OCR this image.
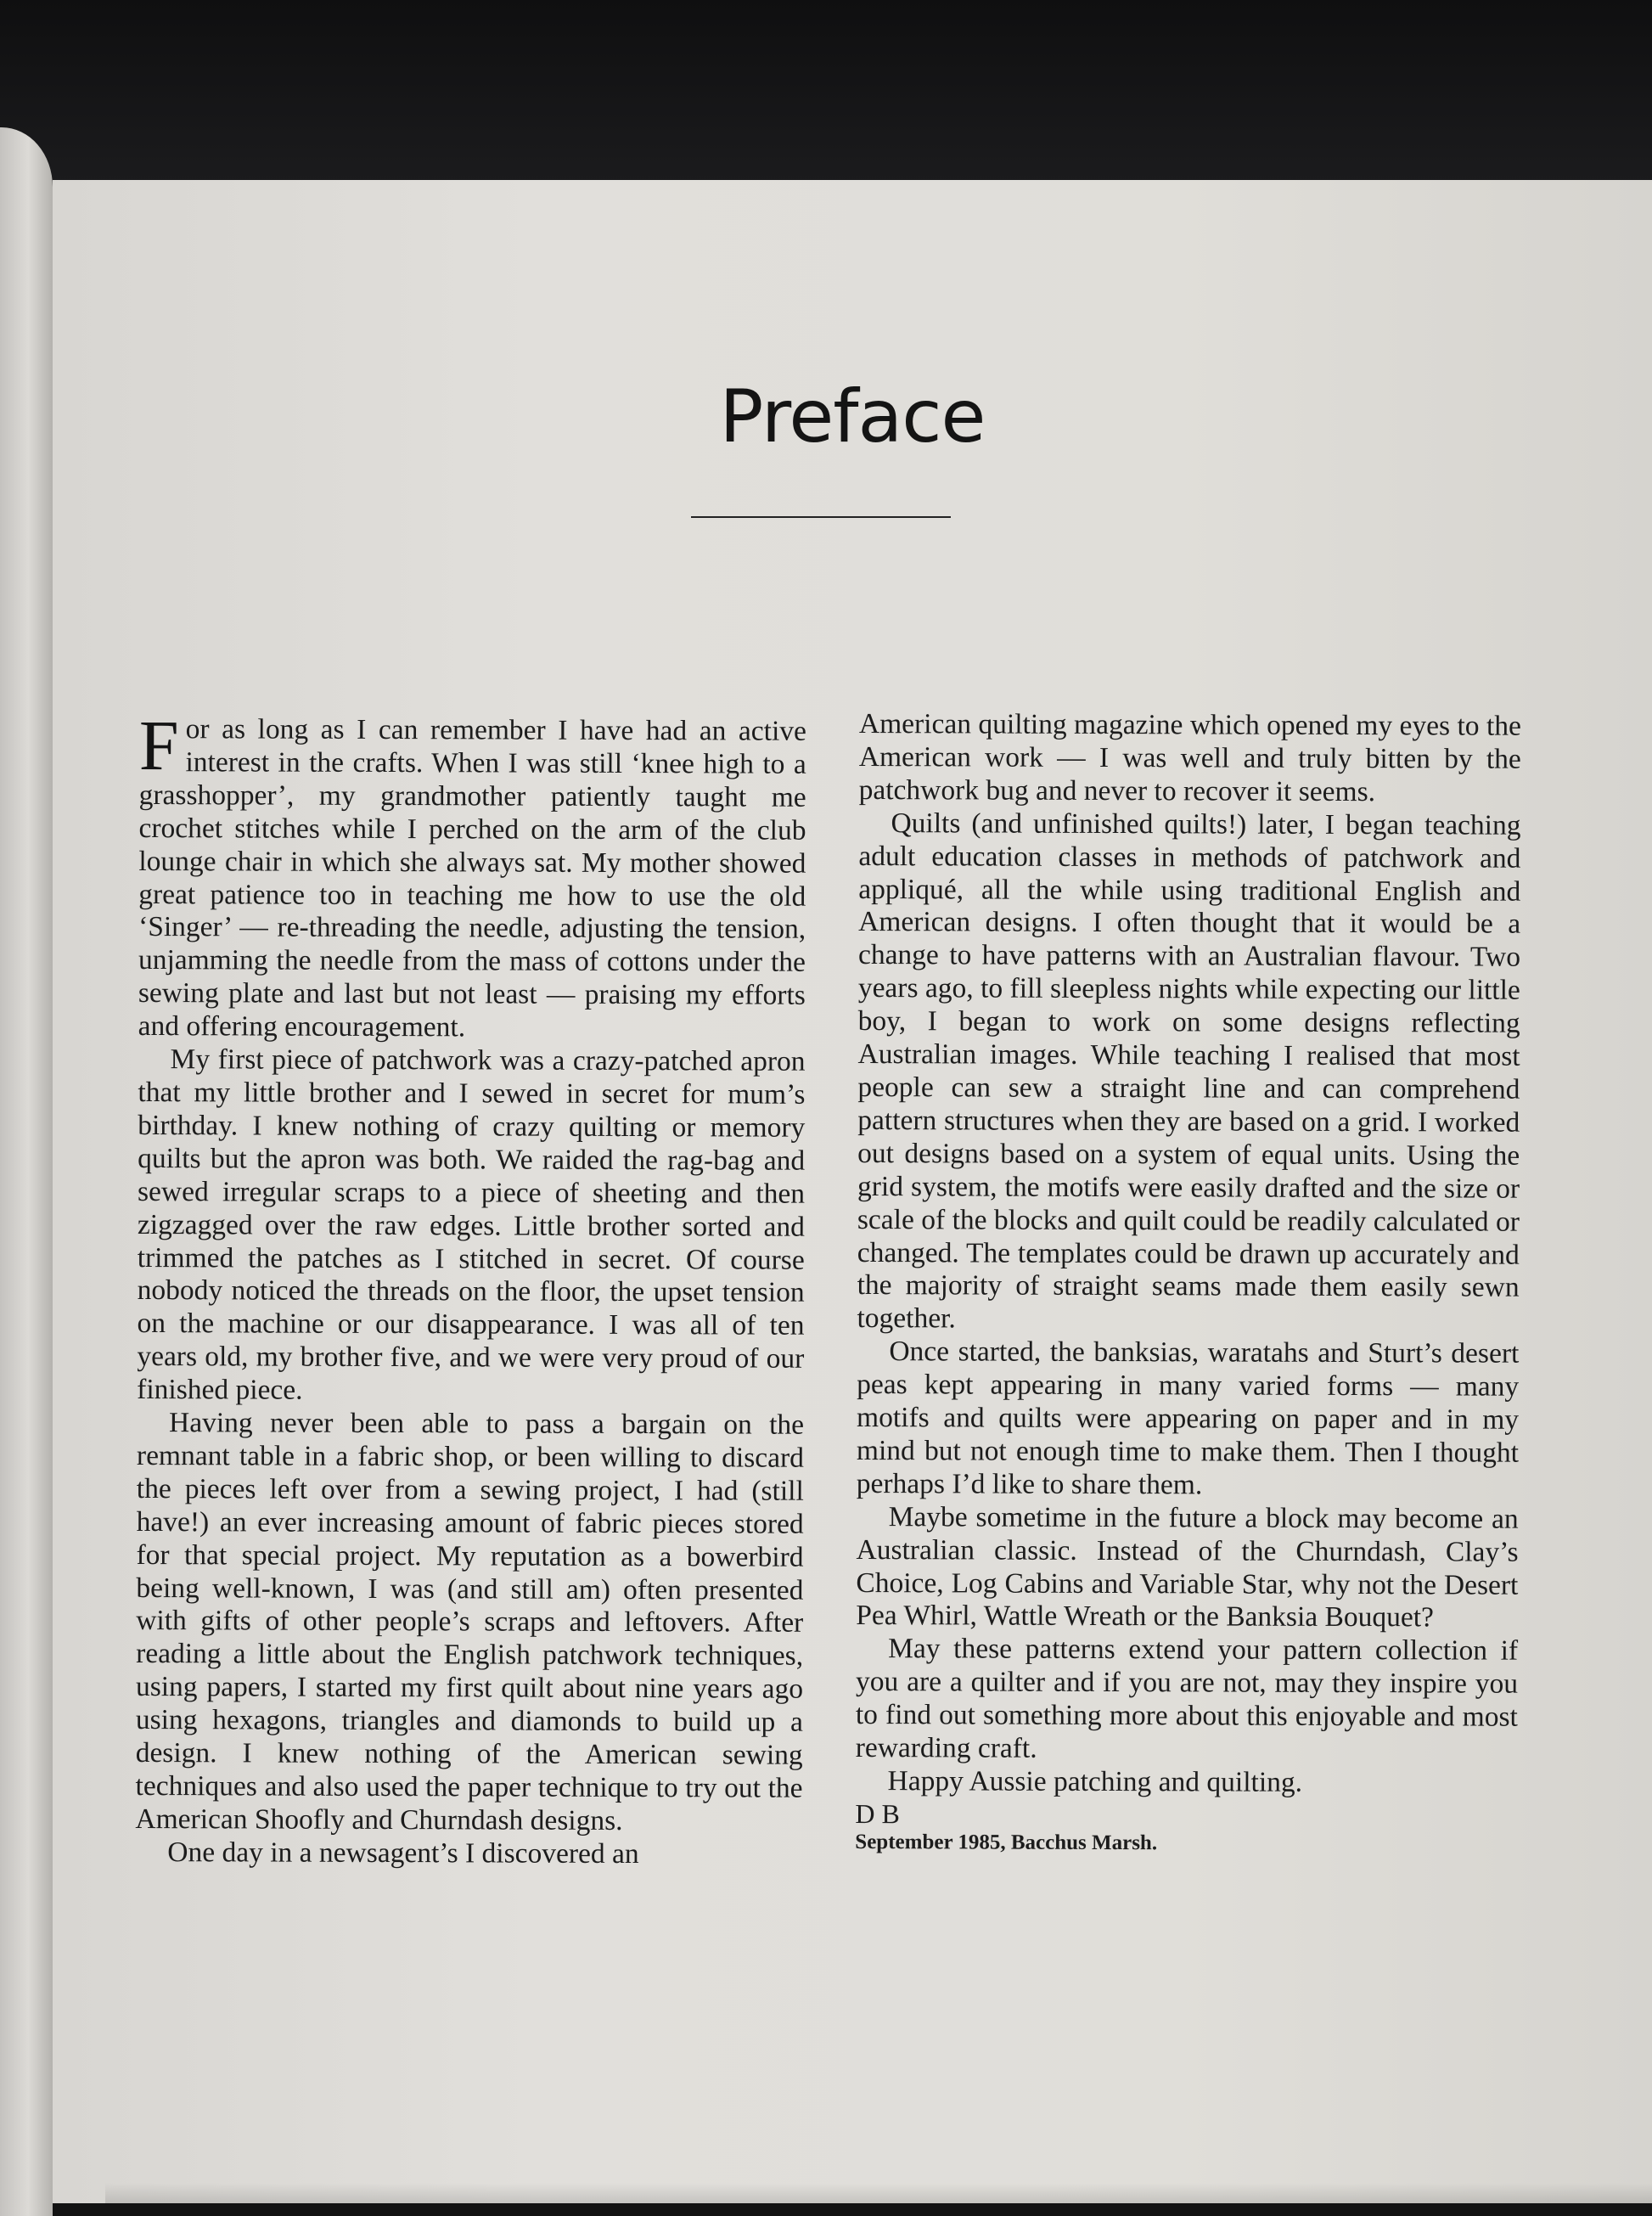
Preface

For as long as I can remember I have had an active interest in the crafts. When I was still ‘knee high to a grasshopper’, my grandmother patiently taught me crochet stitches while I perched on the arm of the club lounge chair in which she always sat. My mother showed great patience too in teaching me how to use the old ‘Singer’ — re-threading the needle, adjusting the tension, unjamming the needle from the mass of cottons under the sewing plate and last but not least — praising my efforts and offering encouragement.

My first piece of patchwork was a crazy-patched apron that my little brother and I sewed in secret for mum’s birthday. I knew nothing of crazy quilting or memory quilts but the apron was both. We raided the rag-bag and sewed irregular scraps to a piece of sheeting and then zigzagged over the raw edges. Little brother sorted and trimmed the patches as I stitched in secret. Of course nobody noticed the threads on the floor, the upset tension on the machine or our disappearance. I was all of ten years old, my brother five, and we were very proud of our finished piece.

Having never been able to pass a bargain on the remnant table in a fabric shop, or been willing to discard the pieces left over from a sewing project, I had (still have!) an ever increasing amount of fabric pieces stored for that special project. My reputation as a bowerbird being well-known, I was (and still am) often presented with gifts of other people’s scraps and leftovers. After reading a little about the English patchwork techniques, using papers, I started my first quilt about nine years ago using hexagons, triangles and diamonds to build up a design. I knew nothing of the American sewing techniques and also used the paper technique to try out the American Shoofly and Churndash designs.

One day in a newsagent’s I discovered an

American quilting magazine which opened my eyes to the American work — I was well and truly bitten by the patchwork bug and never to recover it seems.

Quilts (and unfinished quilts!) later, I began teaching adult education classes in methods of patchwork and appliqué, all the while using traditional English and American designs. I often thought that it would be a change to have patterns with an Australian flavour. Two years ago, to fill sleepless nights while expecting our little boy, I began to work on some designs reflecting Australian images. While teaching I realised that most people can sew a straight line and can comprehend pattern structures when they are based on a grid. I worked out designs based on a system of equal units. Using the grid system, the motifs were easily drafted and the size or scale of the blocks and quilt could be readily calculated or changed. The templates could be drawn up accurately and the majority of straight seams made them easily sewn together.

Once started, the banksias, waratahs and Sturt’s desert peas kept appearing in many varied forms — many motifs and quilts were appearing on paper and in my mind but not enough time to make them. Then I thought perhaps I’d like to share them.

Maybe sometime in the future a block may become an Australian classic. Instead of the Churndash, Clay’s Choice, Log Cabins and Variable Star, why not the Desert Pea Whirl, Wattle Wreath or the Banksia Bouquet?

May these patterns extend your pattern collection if you are a quilter and if you are not, may they inspire you to find out something more about this enjoyable and most rewarding craft.

Happy Aussie patching and quilting.

D B

September 1985, Bacchus Marsh.
